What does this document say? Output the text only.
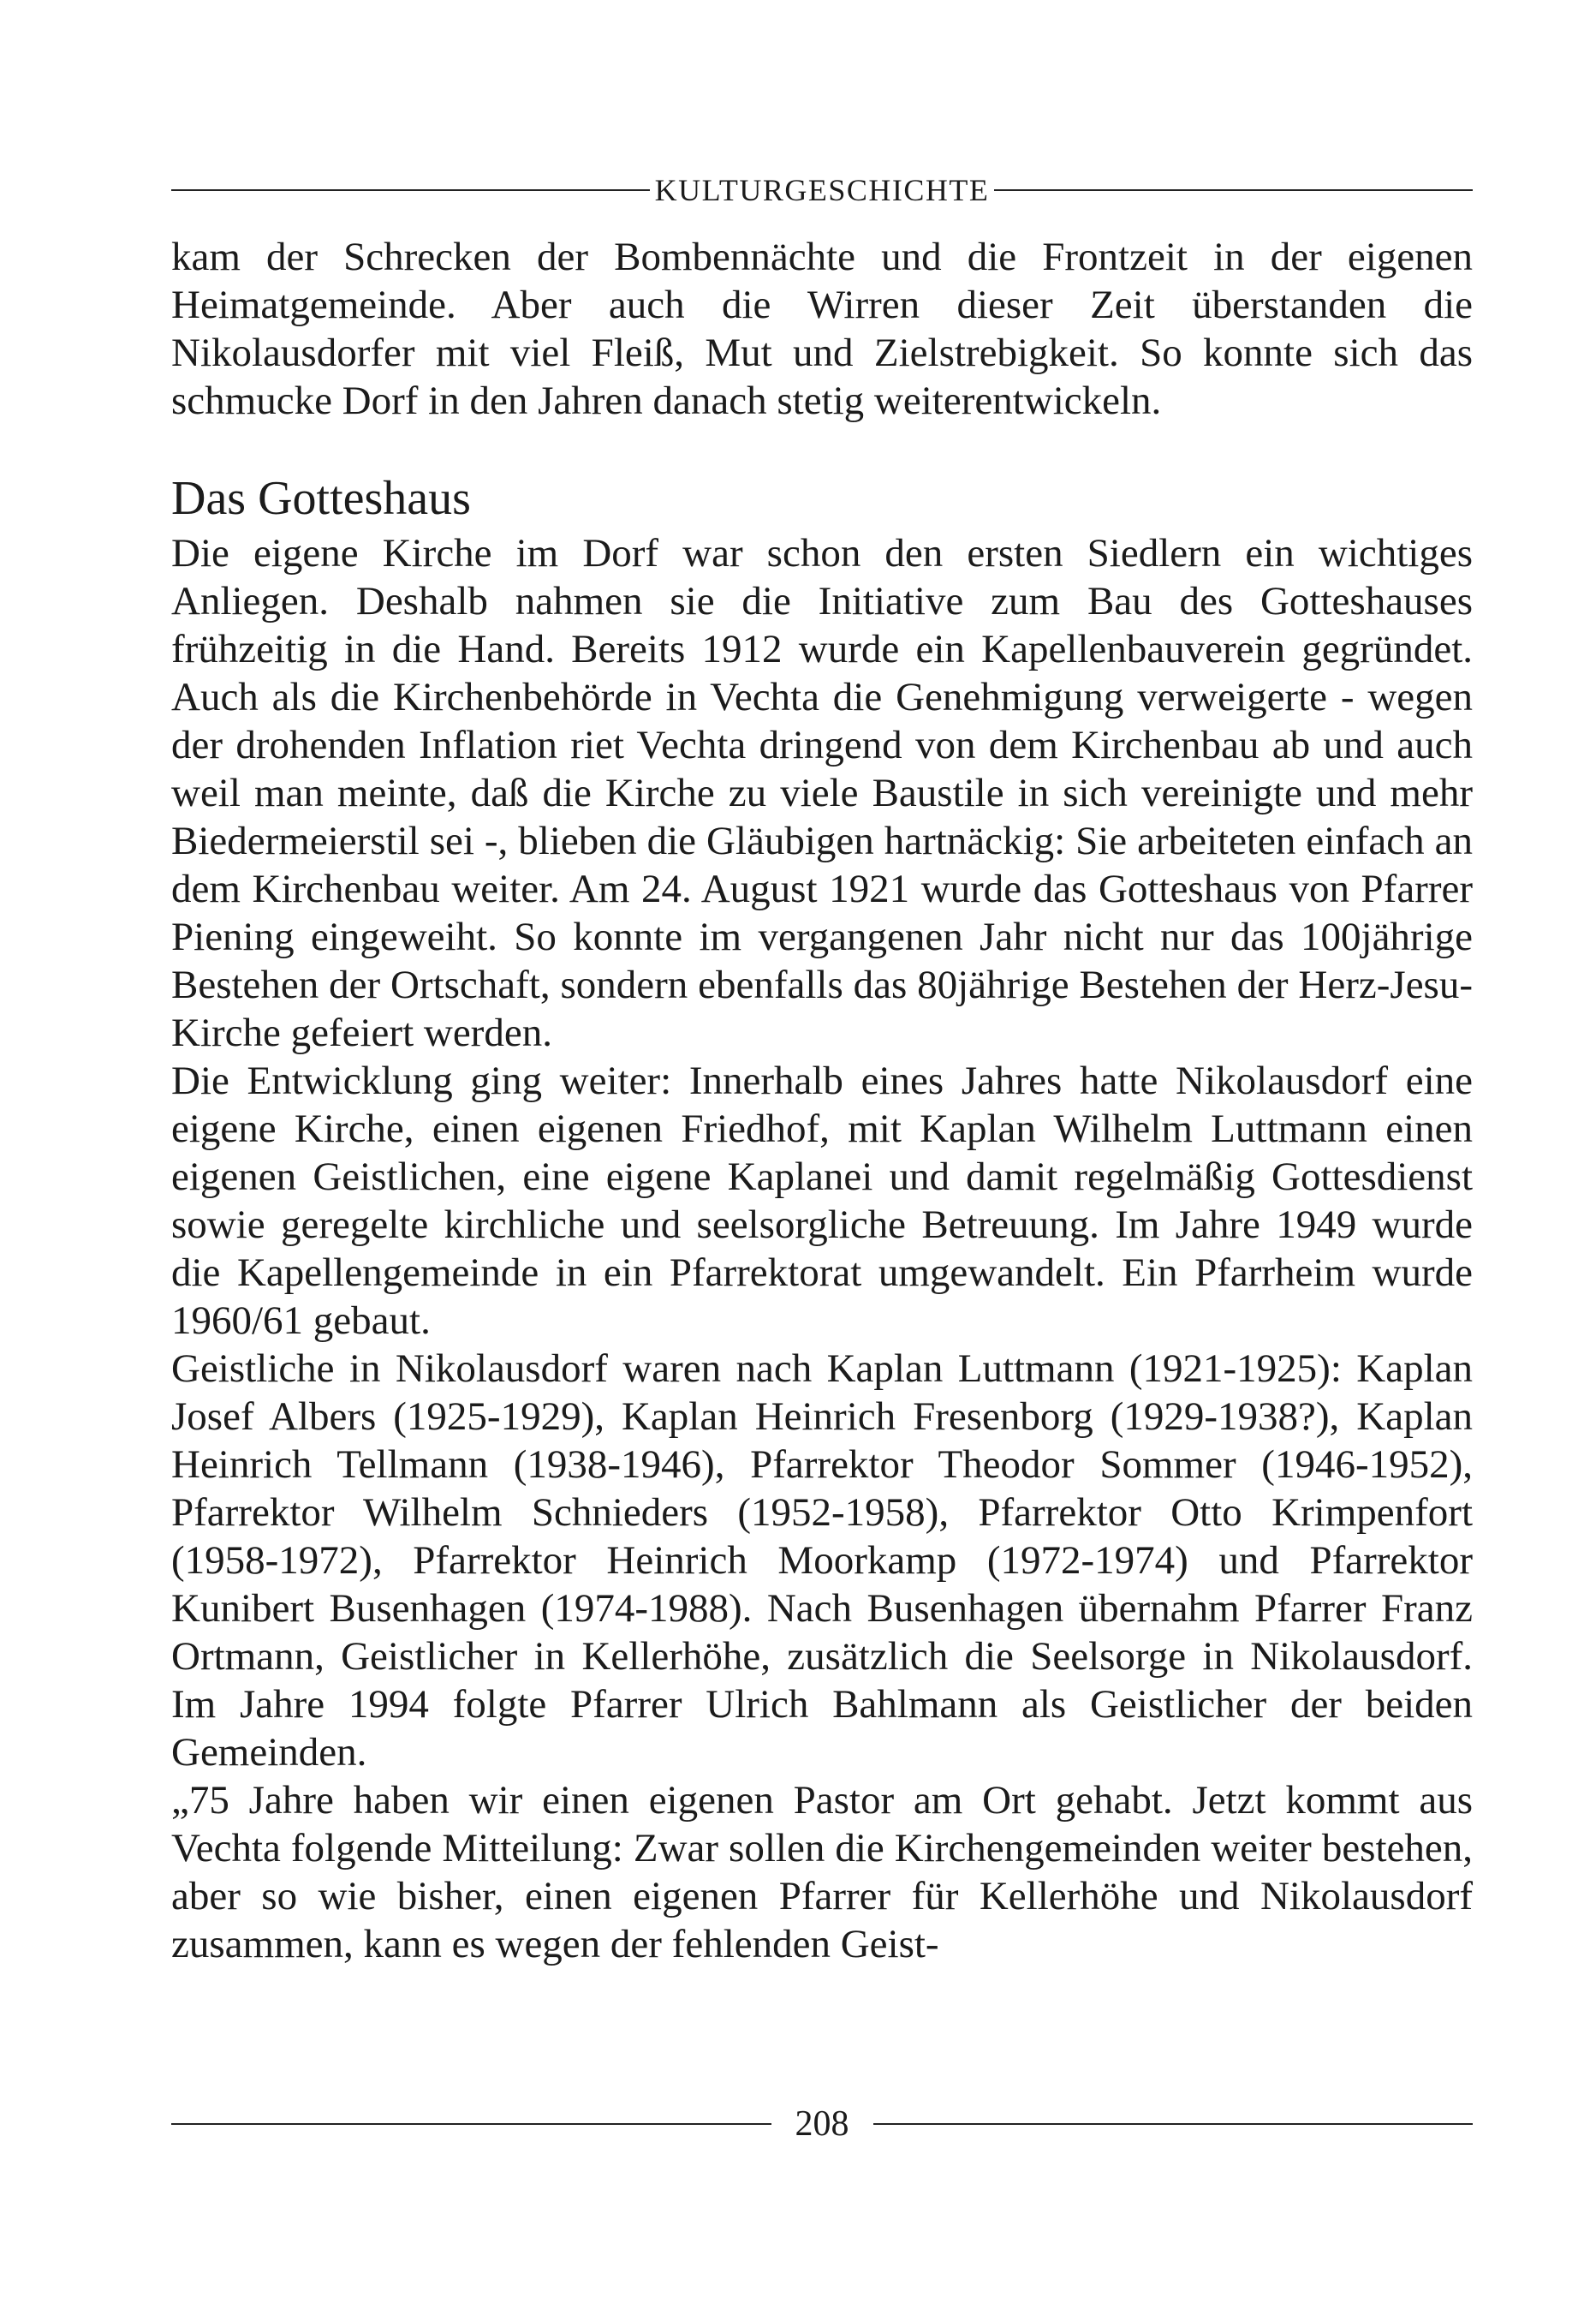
KULTURGESCHICHTE

kam der Schrecken der Bombennächte und die Frontzeit in der eigenen Heimatgemeinde. Aber auch die Wirren dieser Zeit überstanden die Nikolausdorfer mit viel Fleiß, Mut und Zielstrebigkeit. So konnte sich das schmucke Dorf in den Jahren danach stetig weiterentwickeln.

Das Gotteshaus

Die eigene Kirche im Dorf war schon den ersten Siedlern ein wichtiges Anliegen. Deshalb nahmen sie die Initiative zum Bau des Gotteshauses frühzeitig in die Hand. Bereits 1912 wurde ein Kapellenbauverein gegründet. Auch als die Kirchenbehörde in Vechta die Genehmigung verweigerte - wegen der drohenden Inflation riet Vechta dringend von dem Kirchenbau ab und auch weil man meinte, daß die Kirche zu viele Baustile in sich vereinigte und mehr Biedermeierstil sei -, blieben die Gläubigen hartnäckig: Sie arbeiteten einfach an dem Kirchenbau weiter. Am 24. August 1921 wurde das Gotteshaus von Pfarrer Piening eingeweiht. So konnte im vergangenen Jahr nicht nur das 100jährige Bestehen der Ortschaft, sondern ebenfalls das 80jährige Bestehen der Herz-Jesu-Kirche gefeiert werden.

Die Entwicklung ging weiter: Innerhalb eines Jahres hatte Nikolausdorf eine eigene Kirche, einen eigenen Friedhof, mit Kaplan Wilhelm Luttmann einen eigenen Geistlichen, eine eigene Kaplanei und damit regelmäßig Gottesdienst sowie geregelte kirchliche und seelsorgliche Betreuung. Im Jahre 1949 wurde die Kapellengemeinde in ein Pfarrektorat umgewandelt. Ein Pfarrheim wurde 1960/61 gebaut.

Geistliche in Nikolausdorf waren nach Kaplan Luttmann (1921-1925): Kaplan Josef Albers (1925-1929), Kaplan Heinrich Fresenborg (1929-1938?), Kaplan Heinrich Tellmann (1938-1946), Pfarrektor Theodor Sommer (1946-1952), Pfarrektor Wilhelm Schnieders (1952-1958), Pfarrektor Otto Krimpenfort (1958-1972), Pfarrektor Heinrich Moorkamp (1972-1974) und Pfarrektor Kunibert Busenhagen (1974-1988). Nach Busenhagen übernahm Pfarrer Franz Ortmann, Geistlicher in Kellerhöhe, zusätzlich die Seelsorge in Nikolausdorf. Im Jahre 1994 folgte Pfarrer Ulrich Bahlmann als Geistlicher der beiden Gemeinden.

„75 Jahre haben wir einen eigenen Pastor am Ort gehabt. Jetzt kommt aus Vechta folgende Mitteilung: Zwar sollen die Kirchengemeinden weiter bestehen, aber so wie bisher, einen eigenen Pfarrer für Kellerhöhe und Nikolausdorf zusammen, kann es wegen der fehlenden Geist-

208
